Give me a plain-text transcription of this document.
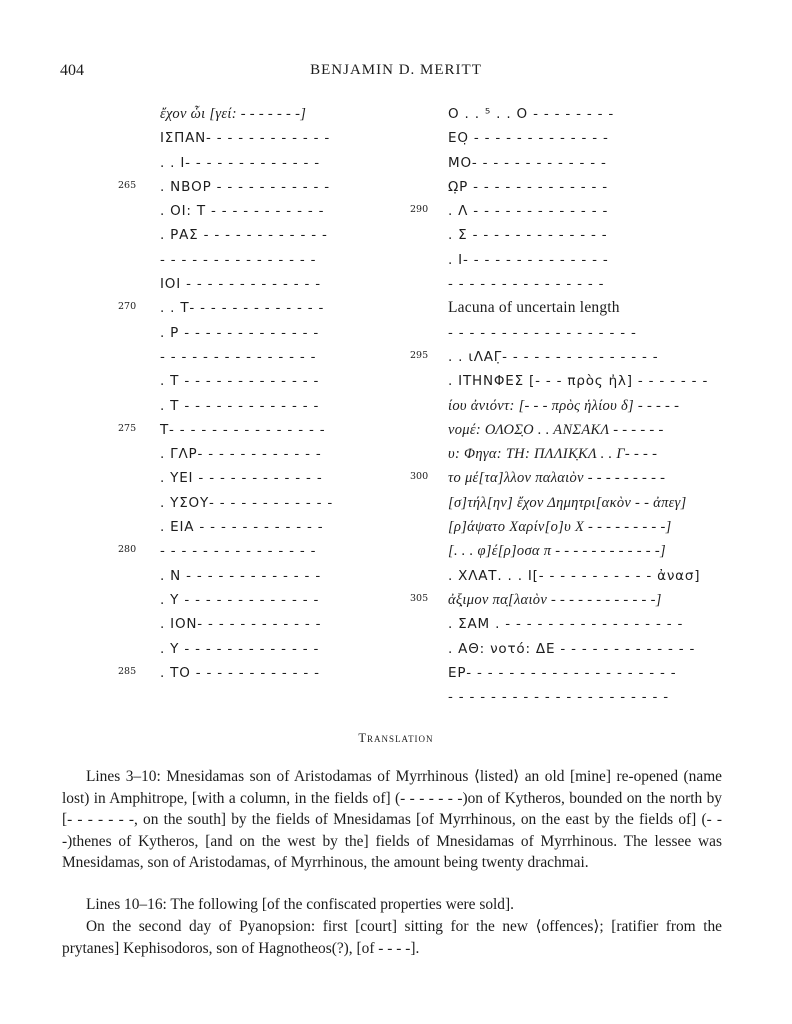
404	BENJAMIN D. MERITT
ἔχον ὧι [γεί: - - - - - - -]
ΙΣΠΑΝ- - - - - - - - - - - -
. . Ι- - - - - - - - - - - - -
265 . ΝΒΟΡ - - - - - - - - - - -
. ΟΙ: Τ - - - - - - - - - - -
. ΡΑΣ - - - - - - - - - - - -
- - - - - - - - - - - - - - -
ΙΟΙ - - - - - - - - - - - - -
270 . . Τ- - - - - - - - - - - - -
. Ρ - - - - - - - - - - - - -
- - - - - - - - - - - - - - -
. Τ - - - - - - - - - - - - -
. Τ - - - - - - - - - - - - -
275 Τ- - - - - - - - - - - - - - -
. ΓΛΡ- - - - - - - - - - - -
. ΥΕΙ - - - - - - - - - - - -
. ΥΣΟΥ- - - - - - - - - - - -
. ΕΙΑ - - - - - - - - - - - -
280 - - - - - - - - - - - - - - -
. Ν - - - - - - - - - - - - -
. Υ - - - - - - - - - - - - -
. ΙΟΝ- - - - - - - - - - - -
. Υ - - - - - - - - - - - - -
285 . ΤΟ - - - - - - - - - - - -
Ο . . ⁵ . . Ο - - - - - - - -
ΕΟ̣ - - - - - - - - - - - - -
ΜΟ- - - - - - - - - - - - -
Ω̣Ρ - - - - - - - - - - - - -
290 . Λ - - - - - - - - - - - - -
. Σ - - - - - - - - - - - - -
. Ι- - - - - - - - - - - - - -
- - - - - - - - - - - - - - -
Lacuna of uncertain length
- - - - - - - - - - - - - - - - - -
295 . . ιΛΑΓ̣- - - - - - - - - - - - - - -
. ΙΤΗΝΦΕΣ [- - - πρὸς ἠλ] - - - - - - -
ίου ἀνιόντ: [- - - πρὸς ἡλίου δ] - - - - -
νομέ: ΟΛΟΣ̣Ο . . ΑΝΣΑΚΛ - - - - - -
υ: Φηγα: ΤΗ: ΠΛΛΙΚ̣ΚΛ . . Γ- - - -
300 το μέ[τα]λλον παλαιὸν - - - - - - - - -
[σ]τήλ[ην] ἔχον Δημητρι[ακὸν - - ἀπεγ]
[ρ]άψατο Χαρίν[ο]υ Χ - - - - - - - - -]
[. . . φ]έ[ρ]οσα π - - - - - - - - - - - -]
. ΧΛΑΤ. . . Ι[- - - - - - - - - - - ἀνασ]
305 ἀξ̣ιμον πα̣[λαιὸν - - - - - - - - - - - -]
. ΣΑΜ . - - - - - - - - - - - - - - - - -
. ΑΘ: νοτό: ΔΕ - - - - - - - - - - - - -
ΕΡ- - - - - - - - - - - - - - - - - - - -
- - - - - - - - - - - - - - - - - - - - -
Translation

Lines 3–10: Mnesidamas son of Aristodamas of Myrrhinous ⟨listed⟩ an old [mine] re-opened (name lost) in Amphitrope, [with a column, in the fields of] (- - - - - - -)on of Kytheros, bounded on the north by [- - - - - - -, on the south] by the fields of Mnesidamas [of Myrrhinous, on the east by the fields of] (- - -)thenes of Kytheros, [and on the west by the] fields of Mnesidamas of Myrrhinous. The lessee was Mnesidamas, son of Aristodamas, of Myrrhinous, the amount being twenty drachmai.

Lines 10–16: The following [of the confiscated properties were sold].

On the second day of Pyanopsion: first [court] sitting for the new ⟨offences⟩; [ratifier from the prytanes] Kephisodoros, son of Hagnotheos(?), [of - - - -].
